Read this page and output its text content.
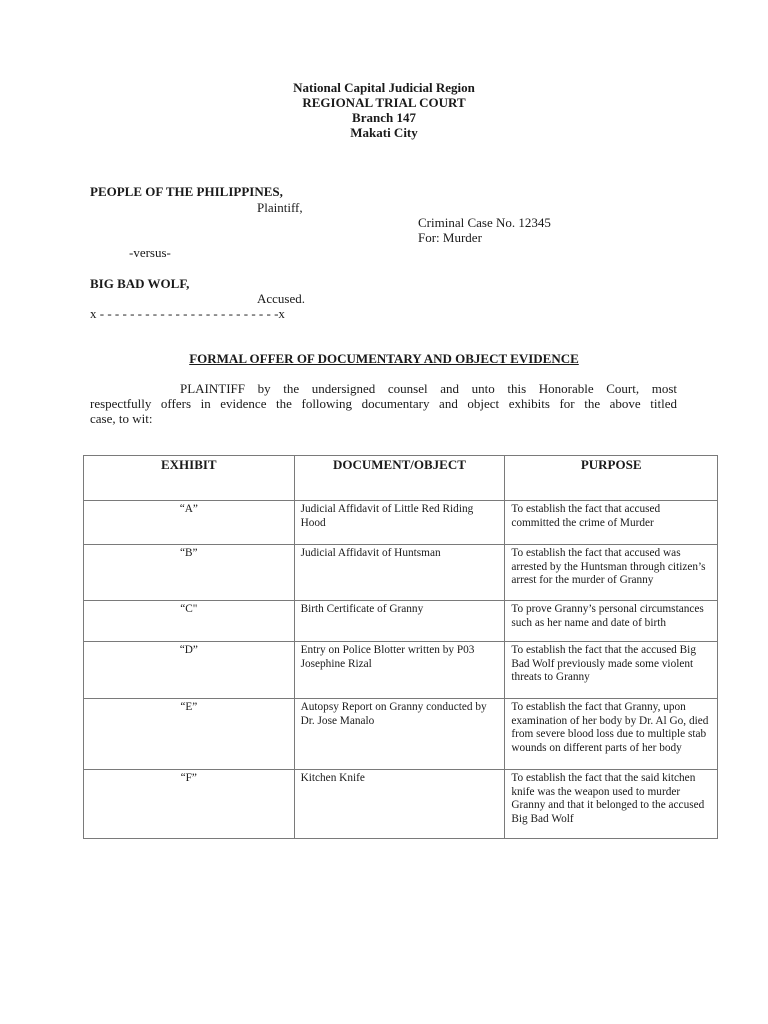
National Capital Judicial Region
REGIONAL TRIAL COURT
Branch 147
Makati City
PEOPLE OF THE PHILIPPINES,
Plaintiff,
Criminal Case No. 12345
For: Murder
-versus-
BIG BAD WOLF,
Accused.
x - - - - - - - - - - - - - - - - - - - - - - - -x
FORMAL OFFER OF DOCUMENTARY AND OBJECT EVIDENCE
PLAINTIFF by the undersigned counsel and unto this Honorable Court, most
respectfully offers in evidence the following documentary and object exhibits for the above titled
case, to wit:
EXHIBIT	DOCUMENT/OBJECT	PURPOSE
“A”	Judicial Affidavit of Little Red Riding Hood	To establish the fact that accused committed the crime of Murder
“B”	Judicial Affidavit of Huntsman	To establish the fact that accused was arrested by the Huntsman through citizen’s arrest for the murder of Granny
“C"	Birth Certificate of Granny	To prove Granny’s personal circumstances such as her name and date of birth
“D”	Entry on Police Blotter written by P03 Josephine Rizal	To establish the fact that the accused Big Bad Wolf previously made some violent threats to Granny
“E”	Autopsy Report on Granny conducted by Dr. Jose Manalo	To establish the fact that Granny, upon examination of her body by Dr. Al Go, died from severe blood loss due to multiple stab wounds on different parts of her body
“F”	Kitchen Knife	To establish the fact that the said kitchen knife was the weapon used to murder Granny and that it belonged to the accused Big Bad Wolf
